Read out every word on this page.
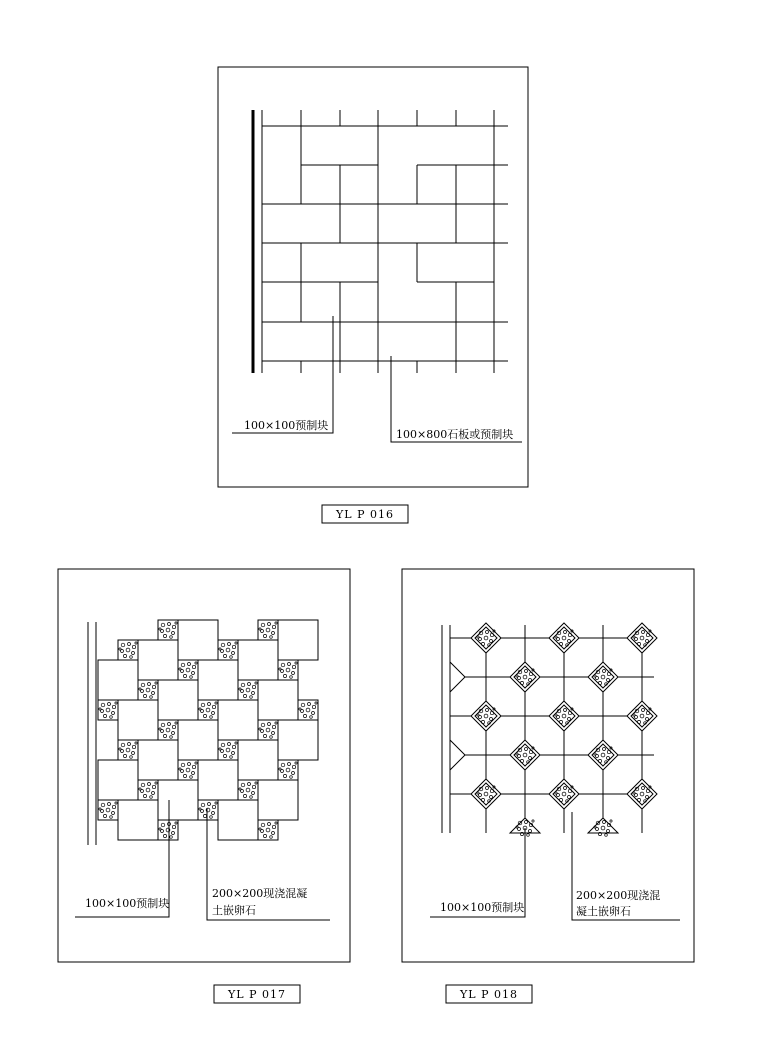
100×100预制块
100×800石板或预制块
YL P 016
100×100预制块
200×200现浇混凝
土嵌卵石
YL P 017
100×100预制块
200×200现浇混
凝土嵌卵石
YL P 018
